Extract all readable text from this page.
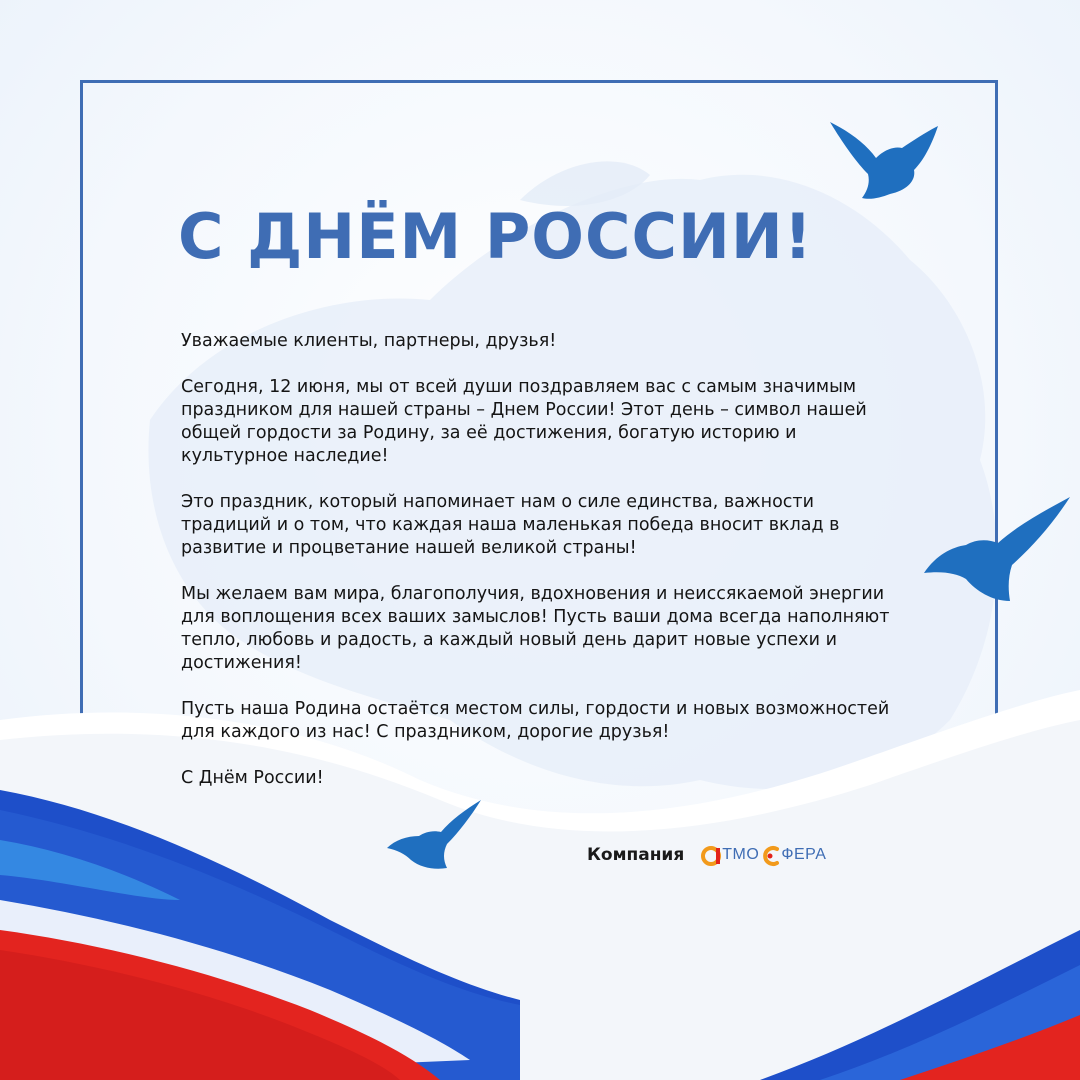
С ДНЁМ РОССИИ!

Уважаемые клиенты, партнеры, друзья!

Сегодня, 12 июня, мы от всей души поздравляем вас с самым значимым праздником для нашей страны – Днем России! Этот день – символ нашей общей гордости за Родину, за её достижения, богатую историю и культурное наследие!

Это праздник, который напоминает нам о силе единства, важности традиций и о том, что каждая наша маленькая победа вносит вклад в развитие и процветание нашей великой страны!

Мы желаем вам мира, благополучия, вдохновения и неиссякаемой энергии для воплощения всех ваших замыслов! Пусть ваши дома всегда наполняют тепло, любовь и радость, а каждый новый день дарит новые успехи и достижения!

Пусть наша Родина остаётся местом силы, гордости и новых возможностей для каждого из нас! С праздником, дорогие друзья!

С Днём России!

Компания ТМО ФЕРА
